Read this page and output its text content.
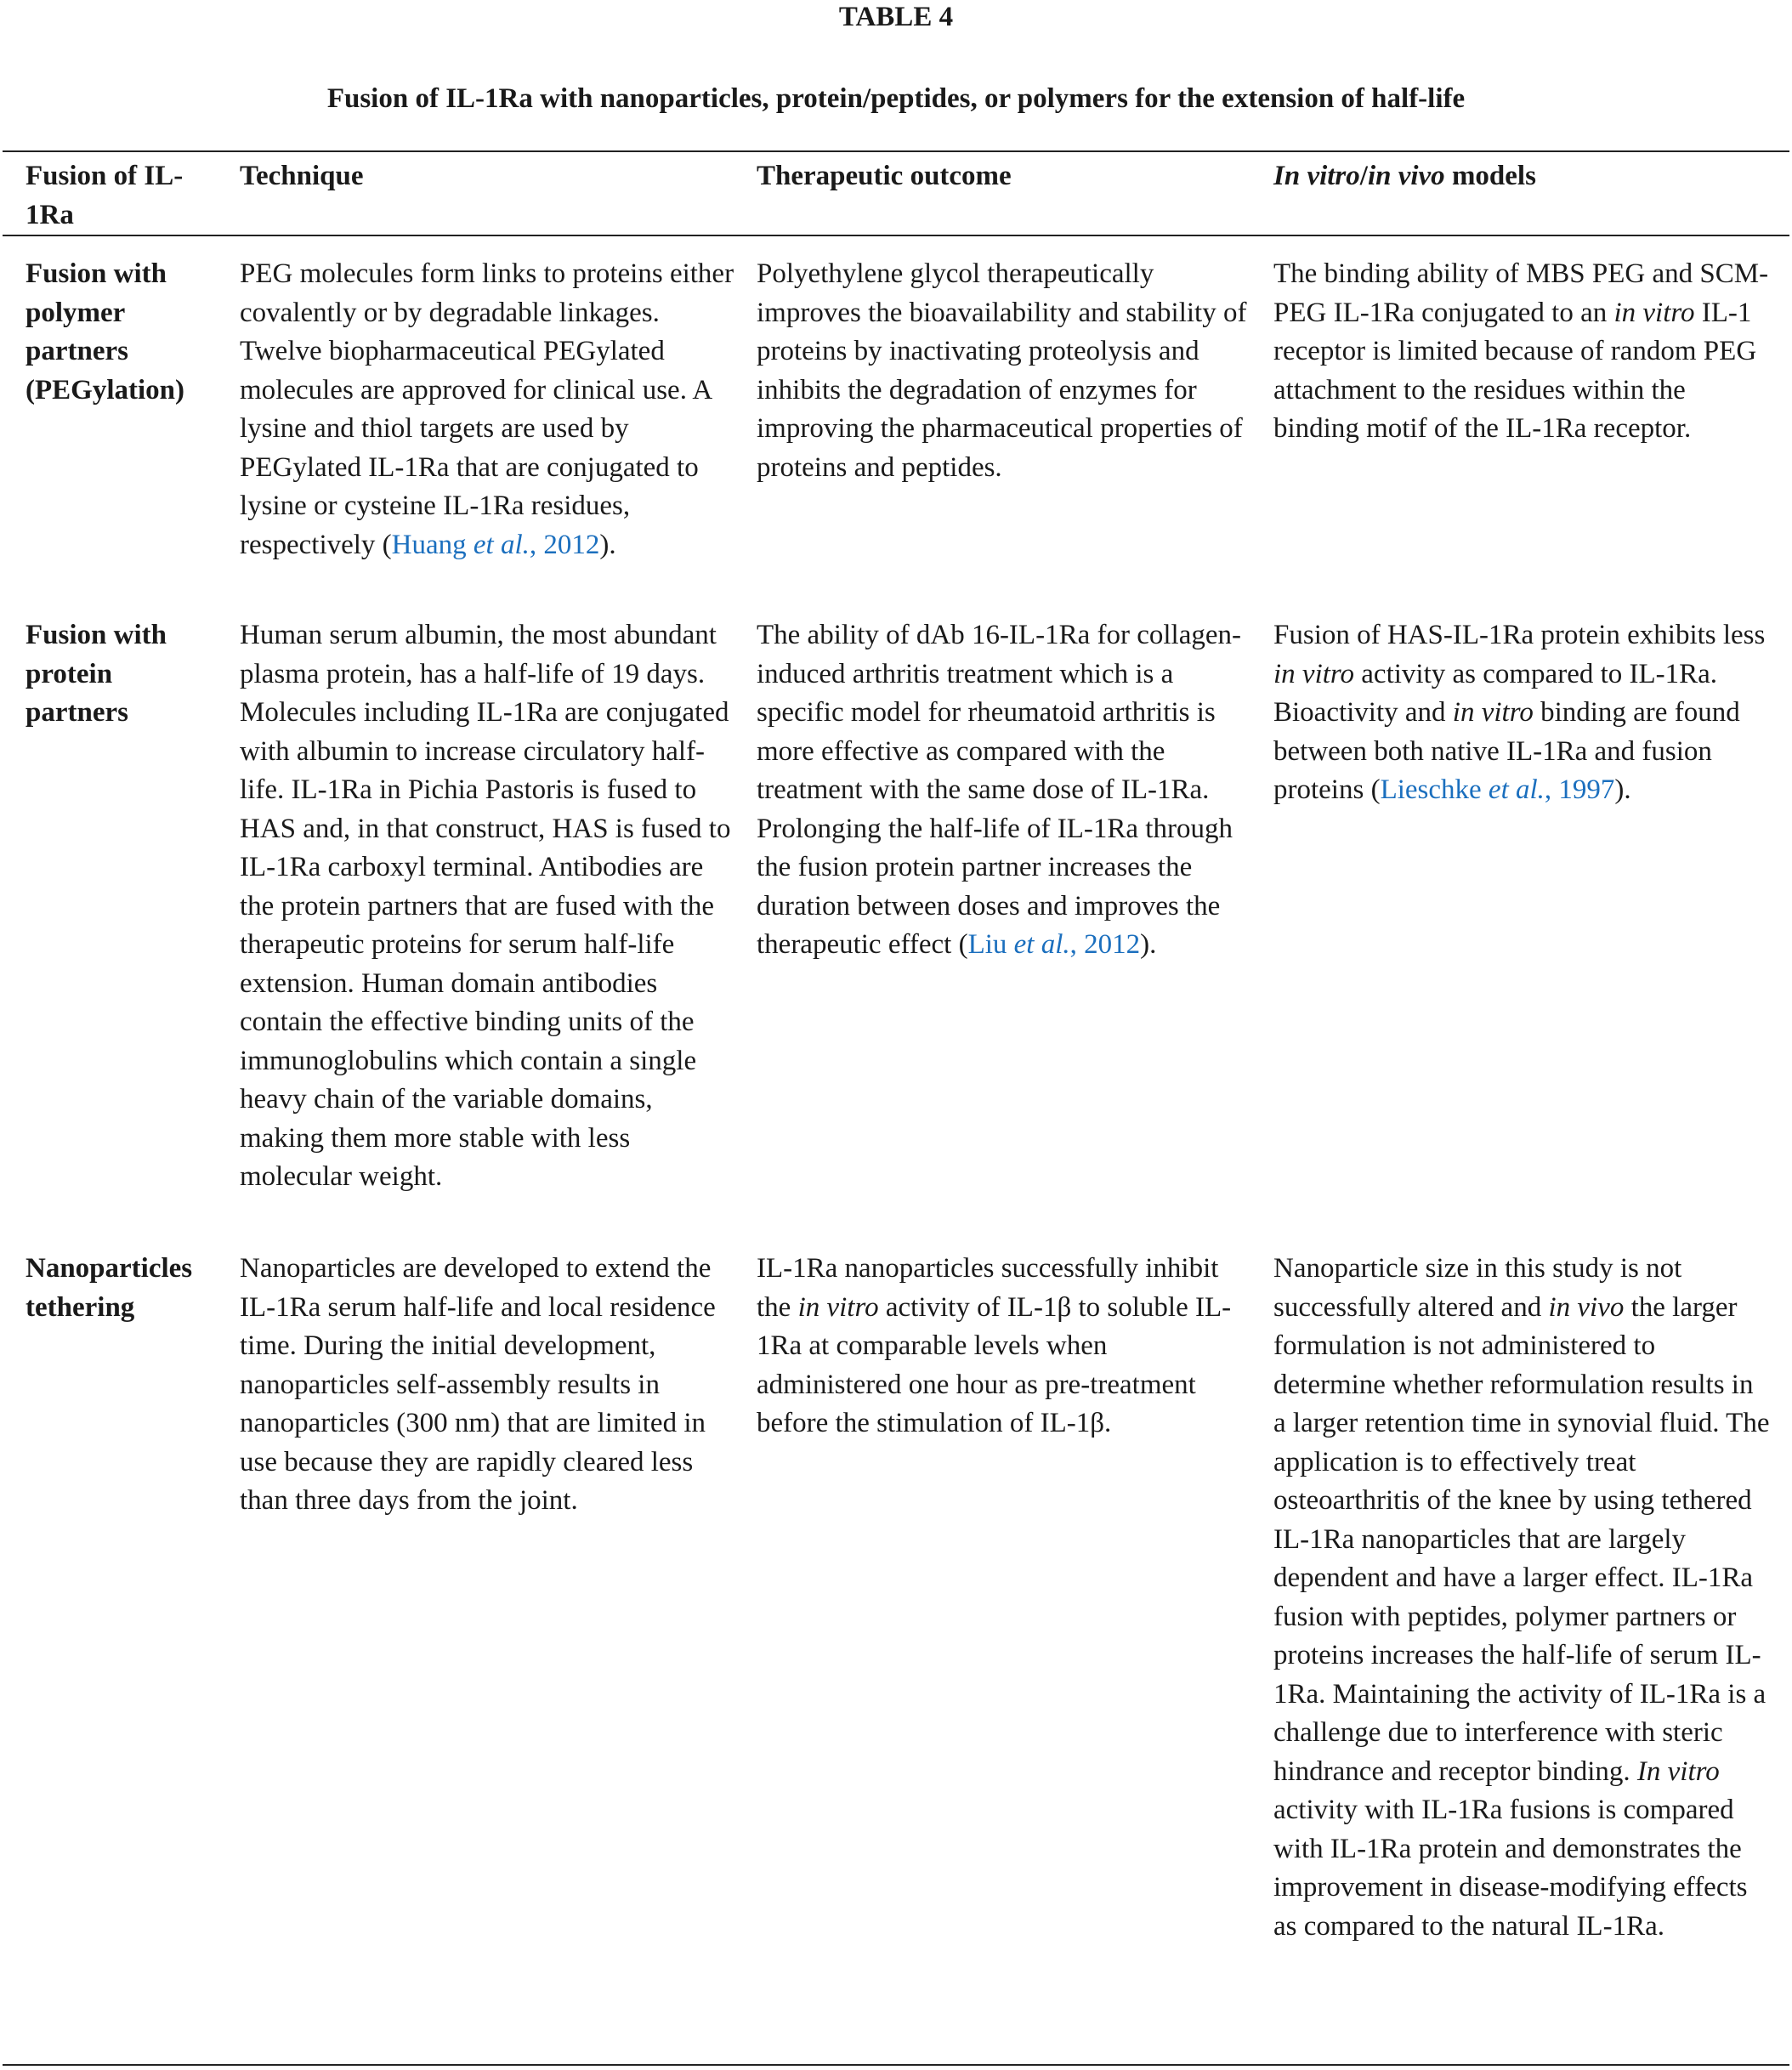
TABLE 4
Fusion of IL-1Ra with nanoparticles, protein/peptides, or polymers for the extension of half-life
Fusion of IL-1Ra
Technique	Therapeutic outcome	In vitro/in vivo models
Fusion with polymer partners (PEGylation)
PEG molecules form links to proteins either covalently or by degradable linkages. Twelve biopharmaceutical PEGylated molecules are approved for clinical use. A lysine and thiol targets are used by PEGylated IL-1Ra that are conjugated to lysine or cysteine IL-1Ra residues, respectively (Huang et al., 2012).
Polyethylene glycol therapeutically improves the bioavailability and stability of proteins by inactivating proteolysis and inhibits the degradation of enzymes for improving the pharmaceutical properties of proteins and peptides.
The binding ability of MBS PEG and SCM-PEG IL-1Ra conjugated to an in vitro IL-1 receptor is limited because of random PEG attachment to the residues within the binding motif of the IL-1Ra receptor.
Fusion with protein partners
Human serum albumin, the most abundant plasma protein, has a half-life of 19 days. Molecules including IL-1Ra are conjugated with albumin to increase circulatory half-life. IL-1Ra in Pichia Pastoris is fused to HAS and, in that construct, HAS is fused to IL-1Ra carboxyl terminal. Antibodies are the protein partners that are fused with the therapeutic proteins for serum half-life extension. Human domain antibodies contain the effective binding units of the immunoglobulins which contain a single heavy chain of the variable domains, making them more stable with less molecular weight.
The ability of dAb 16-IL-1Ra for collagen-induced arthritis treatment which is a specific model for rheumatoid arthritis is more effective as compared with the treatment with the same dose of IL-1Ra. Prolonging the half-life of IL-1Ra through the fusion protein partner increases the duration between doses and improves the therapeutic effect (Liu et al., 2012).

Fusion of HAS-IL-1Ra protein exhibits less in vitro activity as compared to IL-1Ra.

Bioactivity and in vitro binding are found between both native IL-1Ra and fusion proteins (Lieschke et al., 1997).

Nanoparticles tethering
Nanoparticles are developed to extend the IL-1Ra serum half-life and local residence time. During the initial development, nanoparticles self-assembly results in nanoparticles (300 nm) that are limited in use because they are rapidly cleared less than three days from the joint.
IL-1Ra nanoparticles successfully inhibit the in vitro activity of IL-1β to soluble IL-1Ra at comparable levels when administered one hour as pre-treatment before the stimulation of IL-1β.
Nanoparticle size in this study is not successfully altered and in vivo the larger formulation is not administered to determine whether reformulation results in a larger retention time in synovial fluid. The application is to effectively treat osteoarthritis of the knee by using tethered IL-1Ra nanoparticles that are largely dependent and have a larger effect. IL-1Ra fusion with peptides, polymer partners or proteins increases the half-life of serum IL-1Ra. Maintaining the activity of IL-1Ra is a challenge due to interference with steric hindrance and receptor binding. In vitro activity with IL-1Ra fusions is compared with IL-1Ra protein and demonstrates the improvement in disease-modifying effects as compared to the natural IL-1Ra.
